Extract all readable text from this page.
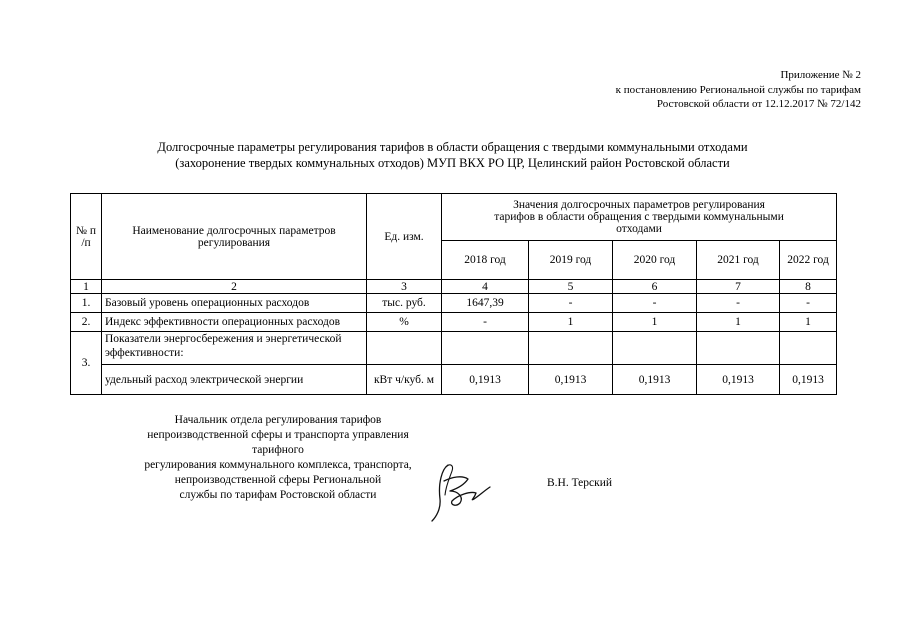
Приложение № 2
к постановлению Региональной службы по тарифам
Ростовской области от 12.12.2017 № 72/142
Долгосрочные параметры регулирования тарифов в области обращения с твердыми коммунальными отходами
(захоронение твердых коммунальных отходов) МУП ВКХ РО ЦР, Целинский район Ростовской области
№ п /п	Наименование долгосрочных параметров регулирования	Ед. изм.	Значения долгосрочных параметров регулирования тарифов в области обращения с твердыми коммунальными отходами				
			2018 год	2019 год	2020 год	2021 год	2022 год
1	2	3	4	5	6	7	8
1.	Базовый уровень операционных расходов	тыс. руб.	1647,39	-	-	-	-
2.	Индекс эффективности операционных расходов	%	-	1	1	1	1
3.	Показатели энергосбережения и энергетической эффективности:						
	удельный расход электрической энергии	кВт ч/куб. м	0,1913	0,1913	0,1913	0,1913	0,1913
Начальник отдела регулирования тарифов
непроизводственной сферы и транспорта управления тарифного
регулирования коммунального комплекса, транспорта,
непроизводственной сферы Региональной
службы по тарифам Ростовской области
В.Н. Терский
